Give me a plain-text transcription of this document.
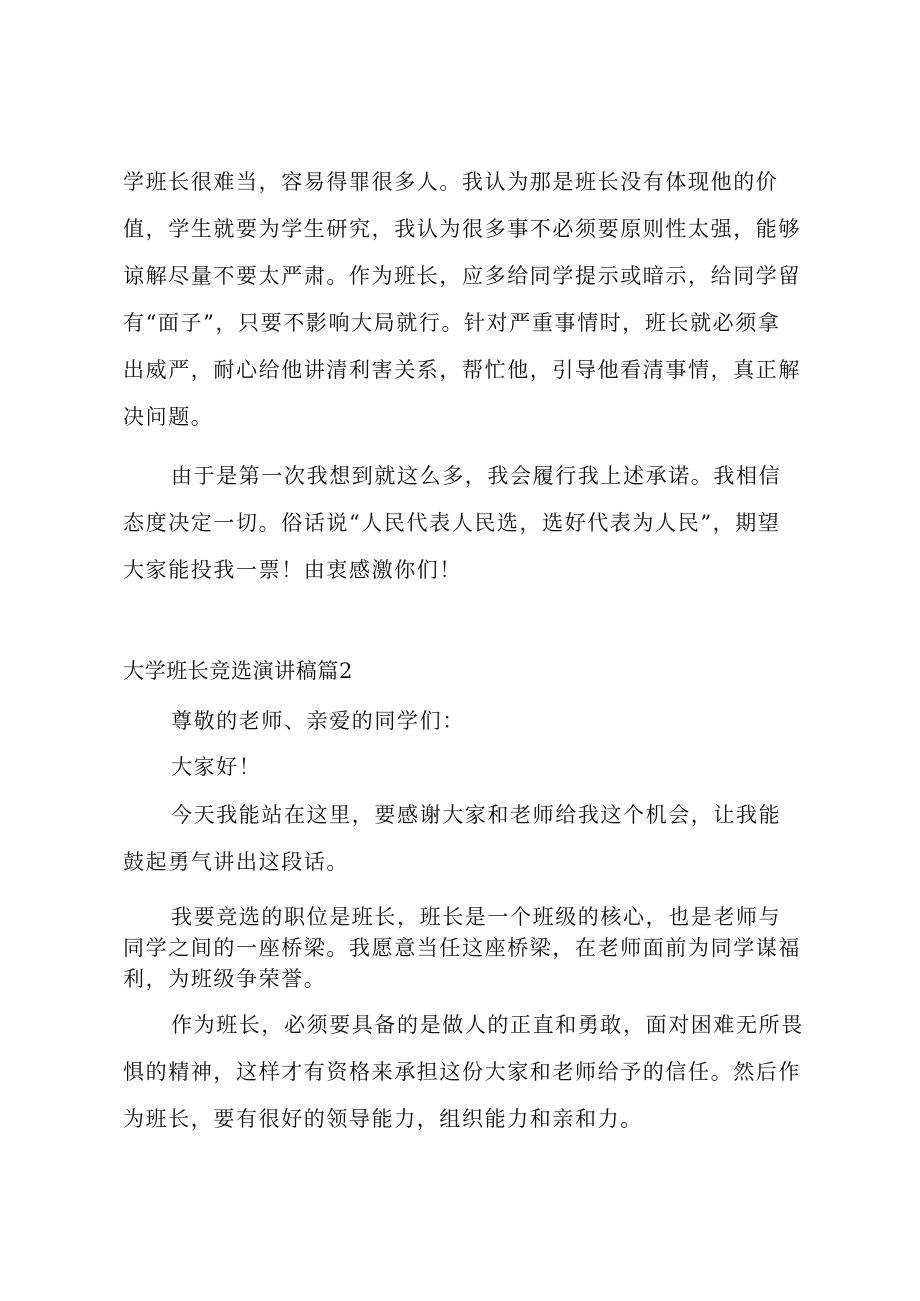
学班长很难当，容易得罪很多人。我认为那是班长没有体现他的价
值，学生就要为学生研究，我认为很多事不必须要原则性太强，能够
谅解尽量不要太严肃。作为班长，应多给同学提示或暗示，给同学留
有“面子”，只要不影响大局就行。针对严重事情时，班长就必须拿
出威严，耐心给他讲清利害关系，帮忙他，引导他看清事情，真正解
决问题。
由于是第一次我想到就这么多，我会履行我上述承诺。我相信
态度决定一切。俗话说“人民代表人民选，选好代表为人民”，期望
大家能投我一票！由衷感激你们！
大学班长竞选演讲稿篇2
尊敬的老师、亲爱的同学们：
大家好！
今天我能站在这里，要感谢大家和老师给我这个机会，让我能
鼓起勇气讲出这段话。
我要竞选的职位是班长，班长是一个班级的核心，也是老师与
同学之间的一座桥梁。我愿意当任这座桥梁，在老师面前为同学谋福
利，为班级争荣誉。
作为班长，必须要具备的是做人的正直和勇敢，面对困难无所畏
惧的精神，这样才有资格来承担这份大家和老师给予的信任。然后作
为班长，要有很好的领导能力，组织能力和亲和力。
